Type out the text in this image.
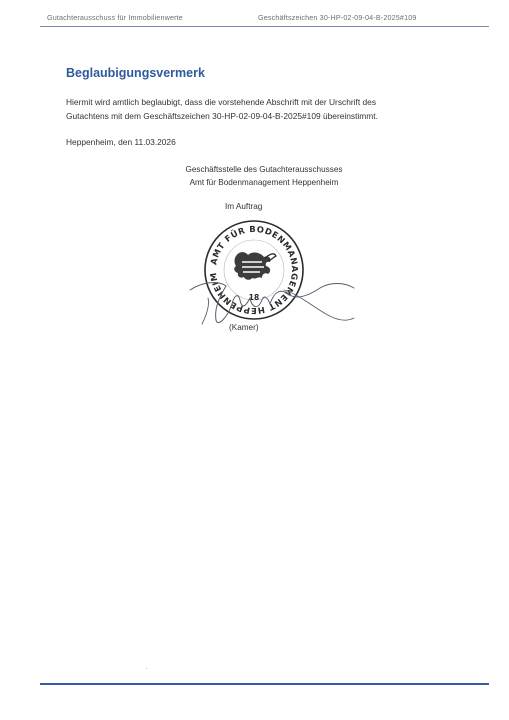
Gutachterausschuss für Immobilienwerte	Geschäftszeichen 30-HP-02-09-04-B-2025#109
Beglaubigungsvermerk
Hiermit wird amtlich beglaubigt, dass die vorstehende Abschrift mit der Urschrift des
Gutachtens mit dem Geschäftszeichen 30-HP-02-09-04-B-2025#109 übereinstimmt.
Heppenheim, den 11.03.2026
Geschäftsstelle des Gutachterausschusses
Amt für Bodenmanagement Heppenheim
Im Auftrag
AMT FÜR BODENMANAGEMENT HEPPENHEIM
18
(Kamer)
